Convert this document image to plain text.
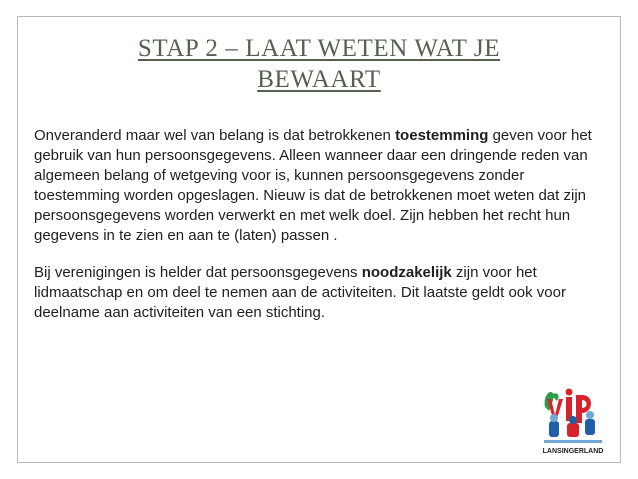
STAP 2 – LAAT WETEN WAT JE
BEWAART

Onveranderd maar wel van belang is dat betrokkenen toestemming geven voor het gebruik van hun persoonsgegevens. Alleen wanneer daar een dringende reden van algemeen belang of wetgeving voor is, kunnen persoonsgegevens zonder toestemming worden opgeslagen. Nieuw is dat de betrokkenen moet weten dat zijn persoonsgegevens worden verwerkt en met welk doel. Zijn hebben het recht hun gegevens in te zien en aan te (laten) passen .

Bij verenigingen is helder dat persoonsgegevens noodzakelijk zijn voor het lidmaatschap en om deel te nemen aan de activiteiten. Dit laatste geldt ook voor deelname aan activiteiten van een stichting.

LANSINGERLAND
